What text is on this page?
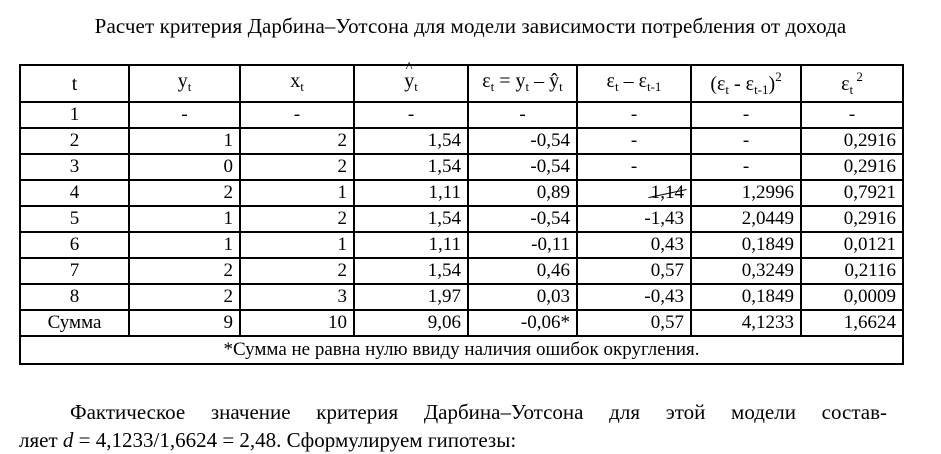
Расчет критерия Дарбина–Уотсона для модели зависимости потребления от дохода
t	$y_t$	$x_t$	^ $y_t$	$\varepsilon_t = y_t$ – $ŷ_t$	$\varepsilon_t - \varepsilon_{t-1}$	$(\varepsilon_t - \varepsilon_{t-1})^2$	$\varepsilon_t$ $^2$
1	-	-	-	-	-	-	-
2	1	2	1,54	-0,54	-	-	0,2916
3	0	2	1,54	-0,54	-	-	0,2916
4	2	1	1,11	0,89	1,14	1,2996	0,7921
5	1	2	1,54	-0,54	-1,43	2,0449	0,2916
6	1	1	1,11	-0,11	0,43	0,1849	0,0121
7	2	2	1,54	0,46	0,57	0,3249	0,2116
8	2	3	1,97	0,03	-0,43	0,1849	0,0009
Сумма	9	10	9,06	-0,06*	0,57	4,1233	1,6624
*Сумма не равна нулю ввиду наличия ошибок округления.							
Фактическое значение критерия Дарбина–Уотсона для этой модели состав-
ляет d = 4,1233/1,6624 = 2,48. Сформулируем гипотезы:
